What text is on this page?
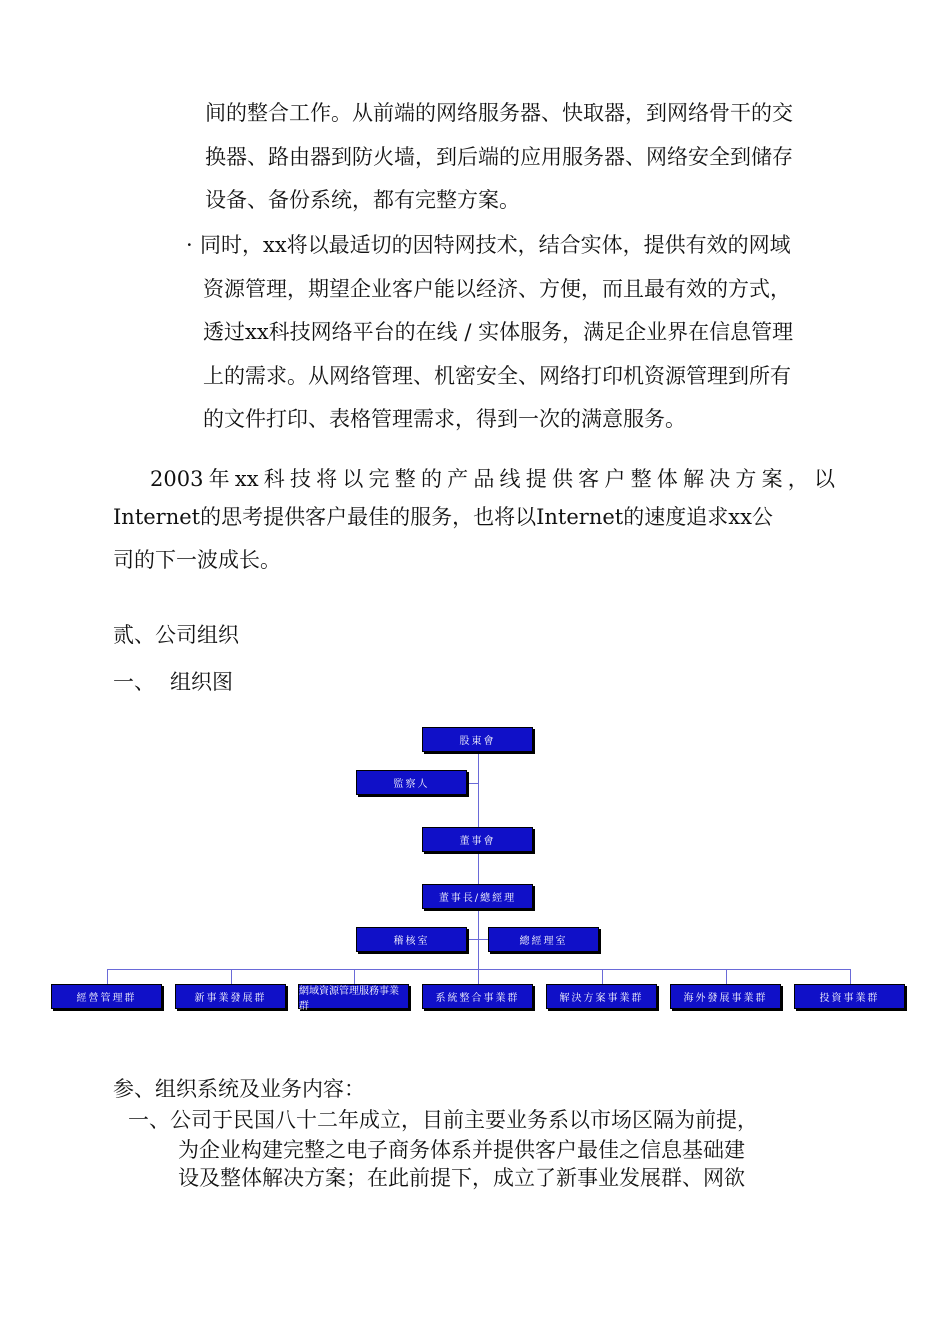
间的整合工作。从前端的网络服务器、快取器，到网络骨干的交
换器、路由器到防火墙，到后端的应用服务器、网络安全到储存
设备、备份系统，都有完整方案。
· 同时，xx将以最适切的因特网技术，结合实体，提供有效的网域
资源管理，期望企业客户能以经济、方便，而且最有效的方式，
透过xx科技网络平台的在线 / 实体服务，满足企业界在信息管理
上的需求。从网络管理、机密安全、网络打印机资源管理到所有
的文件打印、表格管理需求，得到一次的满意服务。
2003年xx科技将以完整的产品线提供客户整体解决方案，以
Internet的思考提供客户最佳的服务，也将以Internet的速度追求xx公
司的下一波成长。
贰、公司组织
一、 组织图
股東會
監察人
董事會
董事長/總經理
稽核室	總經理室
經營管理群	新事業發展群
網域資源管理服務事業群
系統整合事業群	解決方案事業群	海外發展事業群	投資事業群
参、组织系统及业务内容：
一、公司于民国八十二年成立，目前主要业务系以市场区隔为前提，
为企业构建完整之电子商务体系并提供客户最佳之信息基础建
设及整体解决方案；在此前提下，成立了新事业发展群、网欲
